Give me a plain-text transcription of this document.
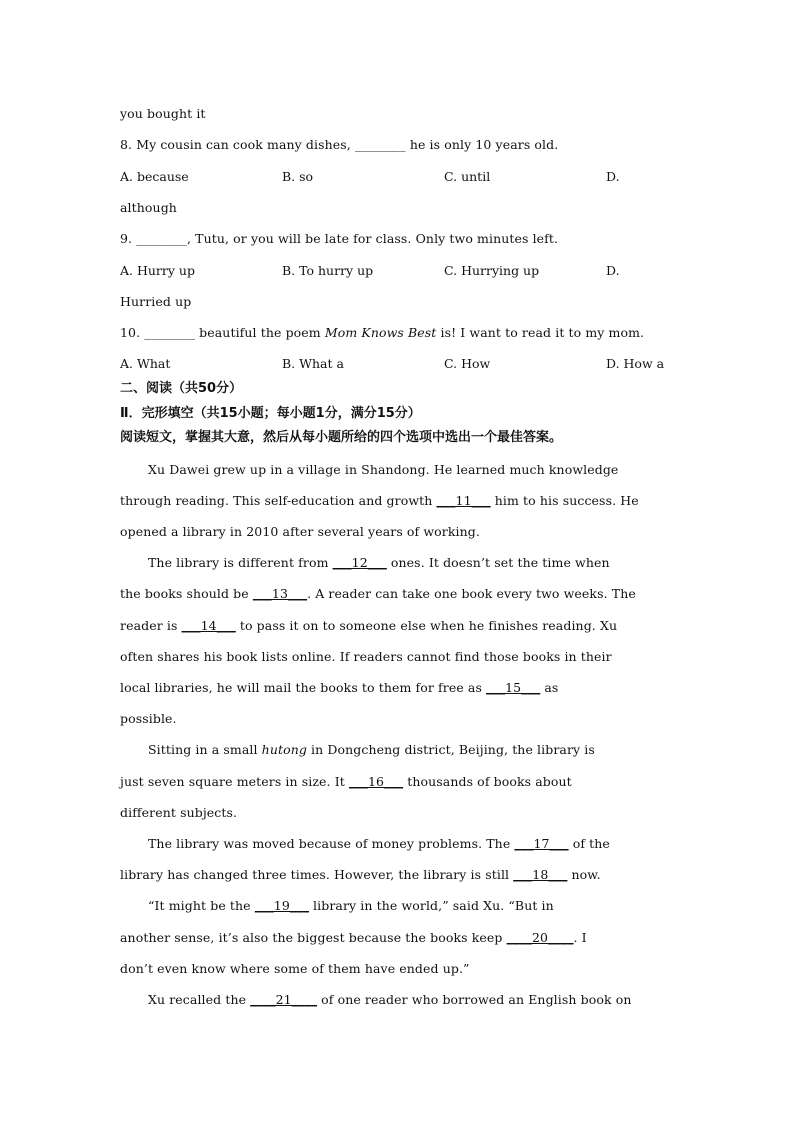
you bought it
8. My cousin can cook many dishes, ________ he is only 10 years old.
A. because	B. so	C. until	D.
although
9. ________, Tutu, or you will be late for class. Only two minutes left.
A. Hurry up	B. To hurry up	C. Hurrying up	D.
Hurried up
10. ________ beautiful the poem Mom Knows Best is! I want to read it to my mom.
A. What	B. What a	C. How	D. How a
二、阅读（共50分）
Ⅱ．完形填空（共15小题；每小题1分，满分15分）
阅读短文，掌握其大意，然后从每小题所给的四个选项中选出一个最佳答案。
Xu Dawei grew up in a village in Shandong. He learned much knowledge
through reading. This self-education and growth ___11___ him to his success. He
opened a library in 2010 after several years of working.
The library is different from ___12___ ones. It doesn’t set the time when
the books should be ___13___. A reader can take one book every two weeks. The
reader is ___14___ to pass it on to someone else when he finishes reading. Xu
often shares his book lists online. If readers cannot find those books in their
local libraries, he will mail the books to them for free as ___15___ as
possible.
Sitting in a small hutong in Dongcheng district, Beijing, the library is
just seven square meters in size. It ___16___ thousands of books about
different subjects.
The library was moved because of money problems. The ___17___ of the
library has changed three times. However, the library is still ___18___ now.
“It might be the ___19___ library in the world,” said Xu. “But in
another sense, it’s also the biggest because the books keep ____20____. I
don’t even know where some of them have ended up.”
Xu recalled the ____21____ of one reader who borrowed an English book on
